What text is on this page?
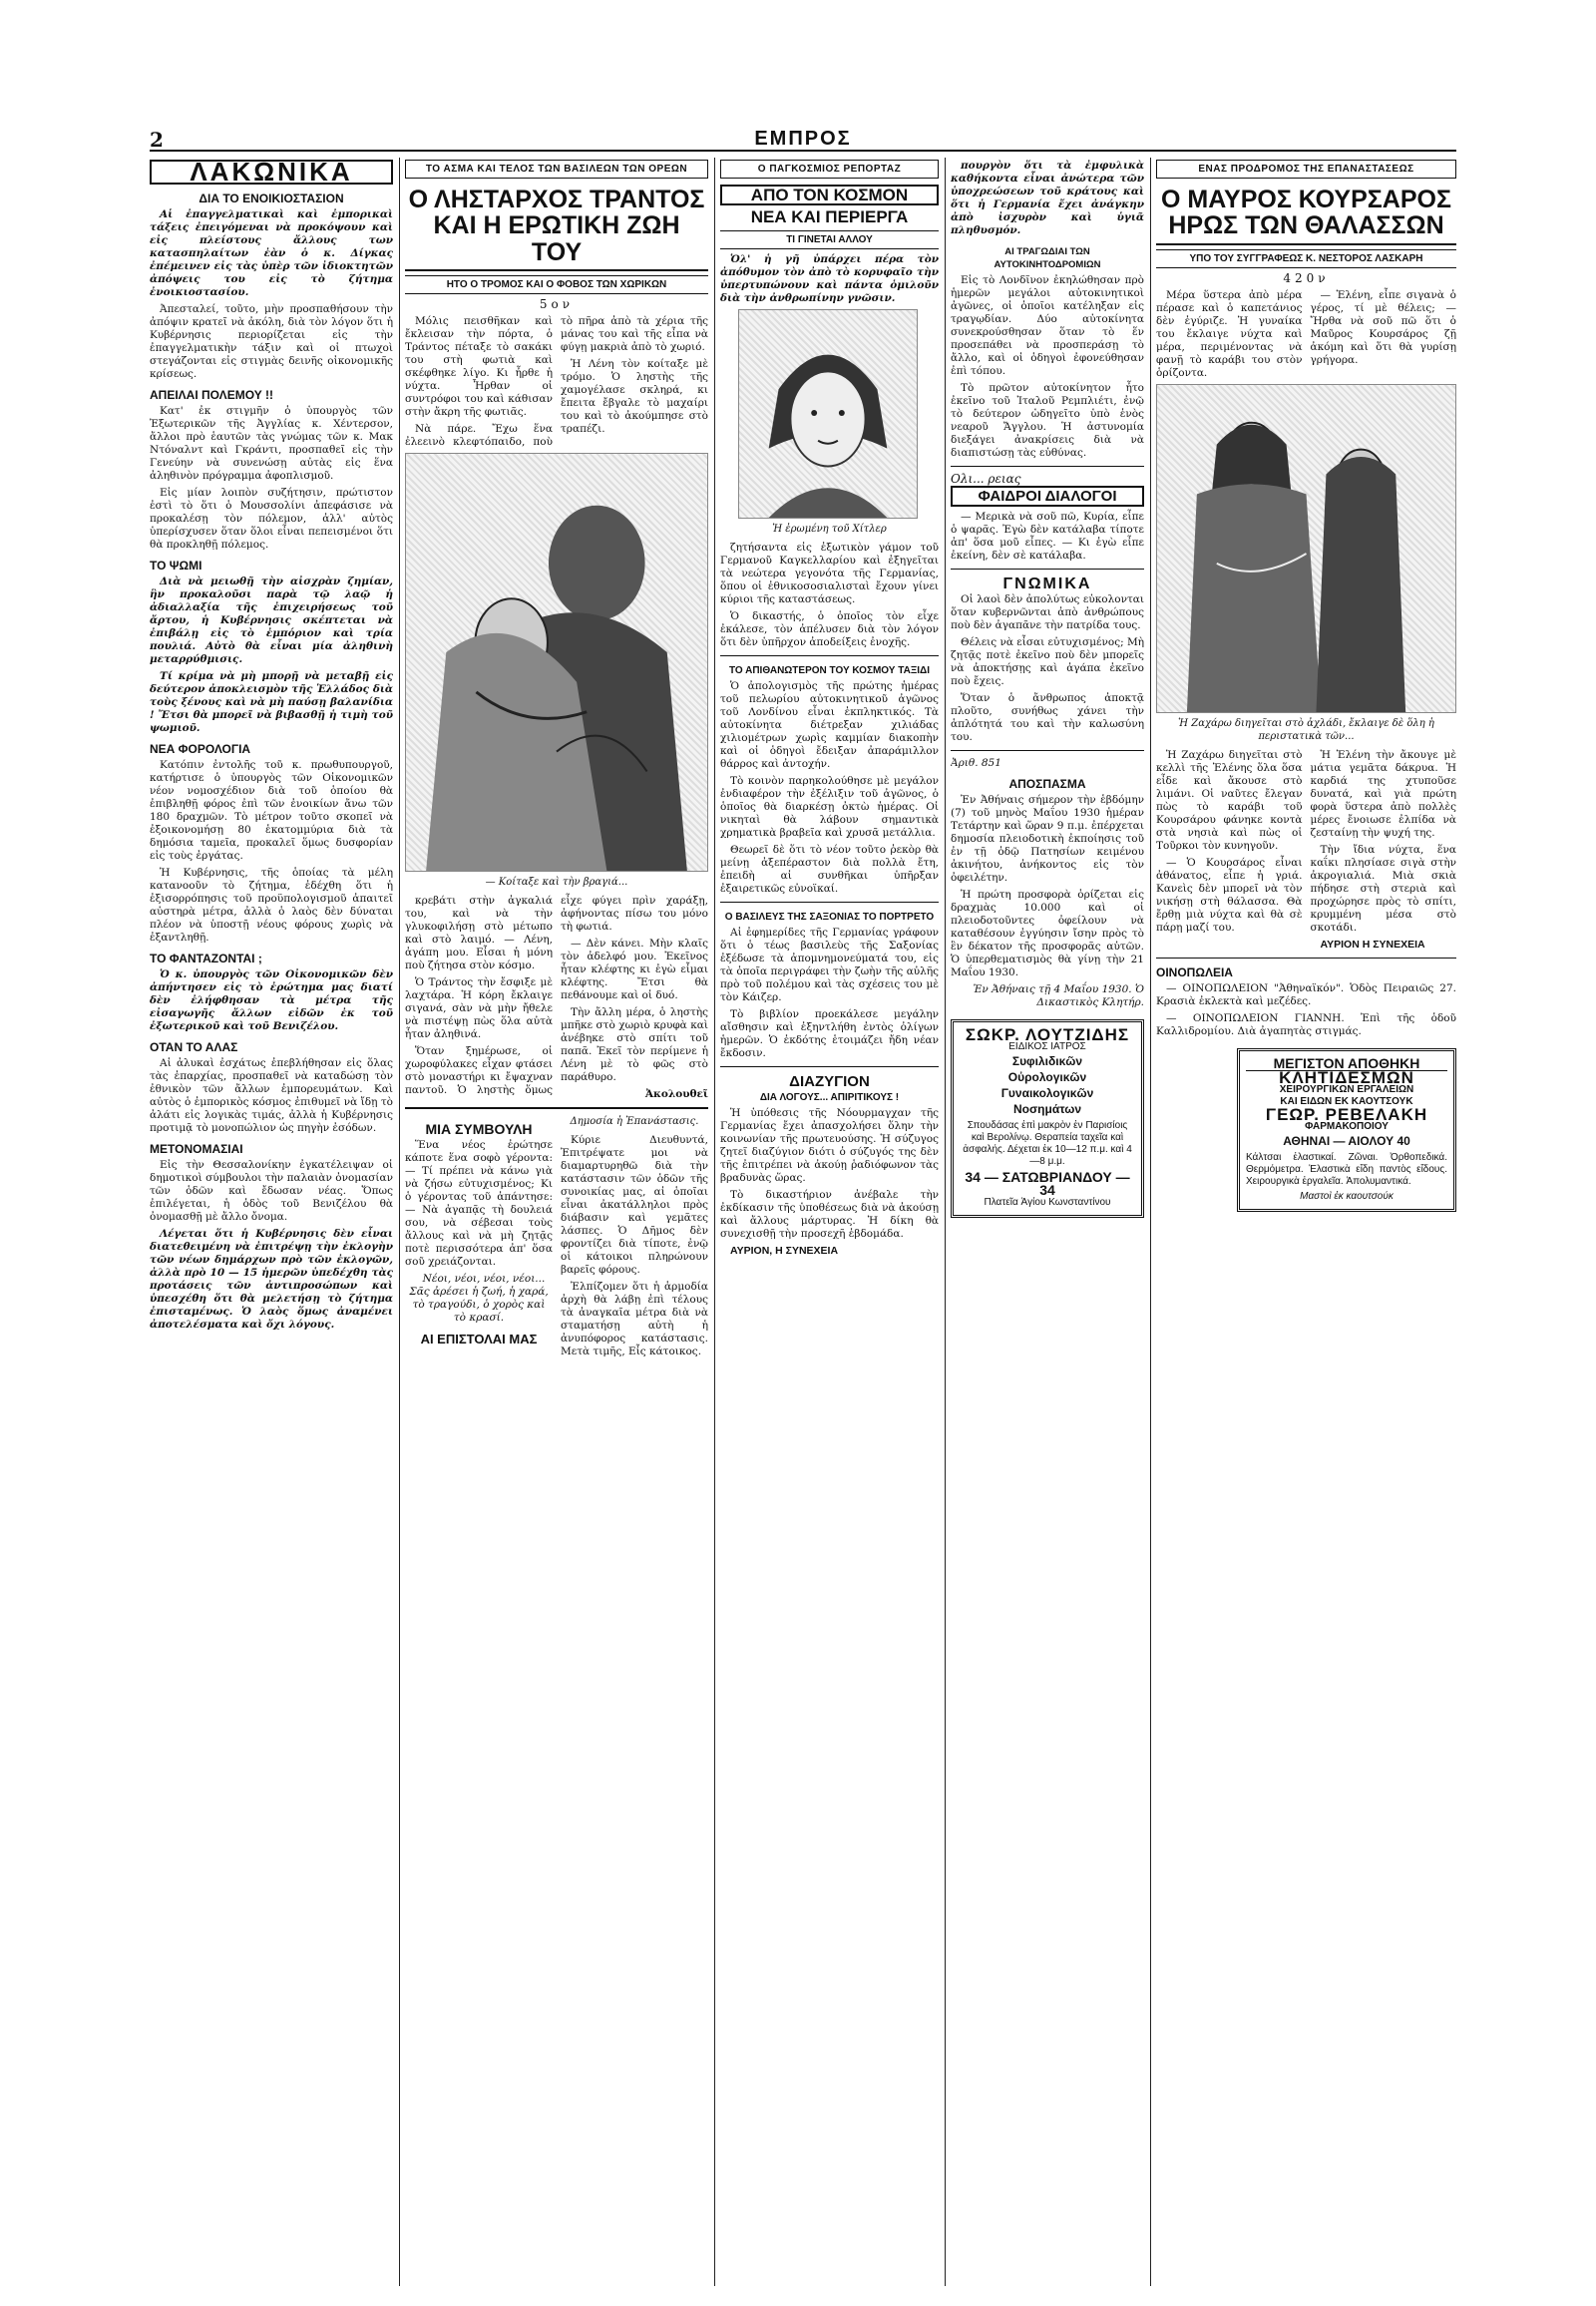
2	ΕΜΠΡΟΣ
ΛΑΚΩΝΙΚΑ
ΔΙΑ ΤΟ ΕΝΟΙΚΙΟΣΤΑΣΙΟΝ

Αἱ ἐπαγγελματικαὶ καὶ ἐμπορικαὶ τάξεις ἐπειγόμεναι νὰ προκόψουν καὶ εἰς πλείστους ἄλλους των κατασπηλαίτων ἐὰν ὁ κ. Δίγκας ἐπέμεινεν εἰς τὰς ὑπὲρ τῶν ἰδιοκτητῶν ἀπόψεις του εἰς τὸ ζήτημα ἐνοικιοστασίου.

Ἀπεσταλεί, τοῦτο, μὴν προσπαθήσουν τὴν ἀπόψιν κρατεῖ νὰ ἀκόλη, διὰ τὸν λόγον ὅτι ἡ Κυβέρνησις περιορίζεται εἰς τὴν ἐπαγγελματικὴν τάξιν καὶ οἱ πτωχοὶ στεγάζονται εἰς στιγμὰς δεινῆς οἰκονομικῆς κρίσεως.

ΑΠΕΙΛΑΙ ΠΟΛΕΜΟΥ !!

Κατ' ἐκ στιγμῆν ὁ ὑπουργὸς τῶν Ἐξωτερικῶν τῆς Ἀγγλίας κ. Χέντερσον, ἄλλοι πρὸ ἑαυτῶν τὰς γνώμας τῶν κ. Μακ Ντόναλντ καὶ Γκράντι, προσπαθεῖ εἰς τὴν Γενεύην νὰ συνενώσῃ αὐτὰς εἰς ἕνα ἀληθινὸν πρόγραμμα ἀφοπλισμοῦ.

Εἰς μίαν λοιπὸν συζήτησιν, πρώτιστον ἐστὶ τὸ ὅτι ὁ Μουσσολίνι ἀπεφάσισε νὰ προκαλέσῃ τὸν πόλεμον, ἀλλ' αὐτὸς ὑπερίσχυσεν ὅταν ὅλοι εἶναι πεπεισμένοι ὅτι θὰ προκληθῇ πόλεμος.

ΤΟ ΨΩΜΙ

Διὰ νὰ μειωθῇ τὴν αἰσχρὰν ζημίαν, ἣν προκαλοῦσι παρὰ τῷ λαῷ ἡ ἀδιαλλαξία τῆς ἐπιχειρήσεως τοῦ ἄρτου, ἡ Κυβέρνησις σκέπτεται νὰ ἐπιβάλῃ εἰς τὸ ἐμπόριον καὶ τρία πουλιά. Αὐτὸ θὰ εἶναι μία ἀληθινὴ μεταρρύθμισις.

Τί κρίμα νὰ μὴ μπορῇ νὰ μεταβῇ εἰς δεύτερον ἀποκλεισμὸν τῆς Ἑλλάδος διὰ τοὺς ξένους καὶ νὰ μὴ παύσῃ βαλανίδια ! Ἔτσι θὰ μπορεῖ νὰ βιβασθῇ ἡ τιμὴ τοῦ ψωμιοῦ.

ΝΕΑ ΦΟΡΟΛΟΓΙΑ

Κατόπιν ἐντολῆς τοῦ κ. πρωθυπουργοῦ, κατήρτισε ὁ ὑπουργὸς τῶν Οἰκονομικῶν νέον νομοσχέδιον διὰ τοῦ ὁποίου θὰ ἐπιβληθῇ φόρος ἐπὶ τῶν ἐνοικίων ἄνω τῶν 180 δραχμῶν. Τὸ μέτρον τοῦτο σκοπεῖ νὰ ἐξοικονομήσῃ 80 ἑκατομμύρια διὰ τὰ δημόσια ταμεῖα, προκαλεῖ ὅμως δυσφορίαν εἰς τοὺς ἐργάτας.

Ἡ Κυβέρνησις, τῆς ὁποίας τὰ μέλη κατανοοῦν τὸ ζήτημα, ἐδέχθη ὅτι ἡ ἐξισορρόπησις τοῦ προϋπολογισμοῦ ἀπαιτεῖ αὐστηρὰ μέτρα, ἀλλὰ ὁ λαὸς δὲν δύναται πλέον νὰ ὑποστῇ νέους φόρους χωρὶς νὰ ἐξαντληθῇ.

ΤΟ ΦΑΝΤΑΖΟΝΤΑΙ ;

Ὁ κ. ὑπουργὸς τῶν Οἰκονομικῶν δὲν ἀπήντησεν εἰς τὸ ἐρώτημα μας διατί δὲν ἐλήφθησαν τὰ μέτρα τῆς εἰσαγωγῆς ἄλλων εἰδῶν ἐκ τοῦ ἐξωτερικοῦ καὶ τοῦ Βενιζέλου.

ΟΤΑΝ ΤΟ ΑΛΑΣ

Αἱ ἀλυκαὶ ἐσχάτως ἐπεβλήθησαν εἰς ὅλας τὰς ἐπαρχίας, προσπαθεῖ νὰ καταδώσῃ τὸν ἐθνικὸν τῶν ἄλλων ἐμπορευμάτων. Καὶ αὐτὸς ὁ ἐμπορικὸς κόσμος ἐπιθυμεῖ νὰ ἴδῃ τὸ ἀλάτι εἰς λογικὰς τιμάς, ἀλλὰ ἡ Κυβέρνησις προτιμᾷ τὸ μονοπώλιον ὡς πηγὴν ἐσόδων.

ΜΕΤΟΝΟΜΑΣΙΑΙ

Εἰς τὴν Θεσσαλονίκην ἐγκατέλειψαν οἱ δημοτικοὶ σύμβουλοι τὴν παλαιὰν ὀνομασίαν τῶν ὁδῶν καὶ ἔδωσαν νέας. Ὅπως ἐπιλέγεται, ἡ ὁδὸς τοῦ Βενιζέλου θὰ ὀνομασθῇ μὲ ἄλλο ὄνομα.

Λέγεται ὅτι ἡ Κυβέρνησις δὲν εἶναι διατεθειμένη νὰ ἐπιτρέψῃ τὴν ἐκλογὴν τῶν νέων δημάρχων πρὸ τῶν ἐκλογῶν, ἀλλὰ πρὸ 10 — 15 ἡμερῶν ὑπεδέχθη τὰς προτάσεις τῶν ἀντιπροσώπων καὶ ὑπεσχέθη ὅτι θὰ μελετήσῃ τὸ ζήτημα ἐπισταμένως. Ὁ λαὸς ὅμως ἀναμένει ἀποτελέσματα καὶ ὄχι λόγους.

ΤΟ ΑΣΜΑ ΚΑΙ ΤΕΛΟΣ ΤΩΝ ΒΑΣΙΛΕΩΝ ΤΩΝ ΟΡΕΩΝ
Ο ΛΗΣΤΑΡΧΟΣ ΤΡΑΝΤΟΣ
ΚΑΙ Η ΕΡΩΤΙΚΗ ΖΩΗ ΤΟΥ
ΗΤΟ Ο ΤΡΟΜΟΣ ΚΑΙ Ο ΦΟΒΟΣ ΤΩΝ ΧΩΡΙΚΩΝ
5ον

Μόλις πεισθῆκαν καὶ ἔκλεισαν τὴν πόρτα, ὁ Τράντος πέταξε τὸ σακάκι του στὴ φωτιὰ καὶ σκέφθηκε λίγο. Κι ἦρθε ἡ νύχτα. Ἦρθαν οἱ συντρόφοι του καὶ κάθισαν στὴν ἄκρη τῆς φωτιᾶς.

Νὰ πάρε. Ἔχω ἕνα ἐλεεινὸ κλεφτόπαιδο, ποὺ τὸ πῆρα ἀπὸ τὰ χέρια τῆς μάνας του καὶ τῆς εἶπα νὰ φύγῃ μακριὰ ἀπὸ τὸ χωριό.

Ἡ Λένη τὸν κοίταξε μὲ τρόμο. Ὁ ληστὴς τῆς χαμογέλασε σκληρά, κι ἔπειτα ἔβγαλε τὸ μαχαίρι του καὶ τὸ ἀκούμπησε στὸ τραπέζι.

— Κοίταξε καὶ τὴν βραγιά...

κρεβάτι στὴν ἀγκαλιά του, καὶ νὰ τὴν γλυκοφιλήσῃ στὸ μέτωπο καὶ στὸ λαιμό. — Λένη, ἀγάπη μου. Εἶσαι ἡ μόνη ποὺ ζήτησα στὸν κόσμο.

Ὁ Τράντος τὴν ἔσφιξε μὲ λαχτάρα. Ἡ κόρη ἔκλαιγε σιγανά, σὰν νὰ μὴν ἤθελε νὰ πιστέψῃ πὼς ὅλα αὐτὰ ἦταν ἀληθινά.

Ὅταν ξημέρωσε, οἱ χωροφύλακες εἶχαν φτάσει στὸ μοναστήρι κι ἔψαχναν παντοῦ. Ὁ ληστὴς ὅμως εἶχε φύγει πρὶν χαράξῃ, ἀφήνοντας πίσω του μόνο τὴ φωτιά.

— Δὲν κάνει. Μὴν κλαῖς τὸν ἀδελφό μου. Ἐκεῖνος ἦταν κλέφτης κι ἐγὼ εἶμαι κλέφτης. Ἔτσι θὰ πεθάνουμε καὶ οἱ δυό.

Τὴν ἄλλη μέρα, ὁ ληστὴς μπῆκε στὸ χωριὸ κρυφὰ καὶ ἀνέβηκε στὸ σπίτι τοῦ παπᾶ. Ἐκεῖ τὸν περίμενε ἡ Λένη μὲ τὸ φῶς στὸ παράθυρο.

Ἀκολουθεῖ

ΜΙΑ ΣΥΜΒΟΥΛΗ

Ἕνα νέος ἐρώτησε κάποτε ἕνα σοφὸ γέροντα: — Τί πρέπει νὰ κάνω γιὰ νὰ ζήσω εὐτυχισμένος; Κι ὁ γέροντας τοῦ ἀπάντησε: — Νὰ ἀγαπᾷς τὴ δουλειά σου, νὰ σέβεσαι τοὺς ἄλλους καὶ νὰ μὴ ζητᾷς ποτὲ περισσότερα ἀπ' ὅσα σοῦ χρειάζονται.

Νέοι, νέοι, νέοι, νέοι... Σᾶς ἀρέσει ἡ ζωή, ἡ χαρά, τὸ τραγούδι, ὁ χορὸς καὶ τὸ κρασί.

ΑΙ ΕΠΙΣΤΟΛΑΙ ΜΑΣ
Δημοσία ἡ Ἐπανάστασις.

Κύριε Διευθυντά, Ἐπιτρέψατε μοι νὰ διαμαρτυρηθῶ διὰ τὴν κατάστασιν τῶν ὁδῶν τῆς συνοικίας μας, αἱ ὁποῖαι εἶναι ἀκατάλληλοι πρὸς διάβασιν καὶ γεμᾶτες λάσπες. Ὁ Δῆμος δὲν φροντίζει διὰ τίποτε, ἐνῷ οἱ κάτοικοι πληρώνουν βαρεῖς φόρους.

Ἐλπίζομεν ὅτι ἡ ἁρμοδία ἀρχὴ θὰ λάβῃ ἐπὶ τέλους τὰ ἀναγκαῖα μέτρα διὰ νὰ σταματήσῃ αὐτὴ ἡ ἀνυπόφορος κατάστασις. Μετὰ τιμῆς, Εἷς κάτοικος.

Ο ΠΑΓΚΟΣΜΙΟΣ ΡΕΠΟΡΤΑΖ
ΑΠΟ ΤΟΝ ΚΟΣΜΟΝ
ΝΕΑ ΚΑΙ ΠΕΡΙΕΡΓΑ
ΤΙ ΓΙΝΕΤΑΙ ΑΛΛΟΥ

Ὁλ' ἡ γῆ ὑπάρχει πέρα τὸν ἀπόθυμον τὸν ἀπὸ τὸ κορυφαῖο τὴν ὑπερτυπώνουν καὶ πάντα ὁμιλοῦν διὰ τὴν ἀνθρωπίνην γνῶσιν.

Ἡ ἐρωμένη τοῦ Χίτλερ

ζητήσαντα εἰς ἐξωτικὸν γάμον τοῦ Γερμανοῦ Καγκελλαρίου καὶ ἐξηγεῖται τὰ νεώτερα γεγονότα τῆς Γερμανίας, ὅπου οἱ ἐθνικοσοσιαλισταὶ ἔχουν γίνει κύριοι τῆς καταστάσεως.

Ὁ δικαστής, ὁ ὁποῖος τὸν εἶχε ἐκάλεσε, τὸν ἀπέλυσεν διὰ τὸν λόγον ὅτι δὲν ὑπῆρχον ἀποδείξεις ἐνοχῆς.

ΤΟ ΑΠΙΘΑΝΩΤΕΡΟΝ ΤΟΥ ΚΟΣΜΟΥ ΤΑΞΙΔΙ

Ὁ ἀπολογισμὸς τῆς πρώτης ἡμέρας τοῦ πελωρίου αὐτοκινητικοῦ ἀγῶνος τοῦ Λονδίνου εἶναι ἐκπληκτικός. Τὰ αὐτοκίνητα διέτρεξαν χιλιάδας χιλιομέτρων χωρὶς καμμίαν διακοπὴν καὶ οἱ ὁδηγοὶ ἔδειξαν ἀπαράμιλλον θάρρος καὶ ἀντοχήν.

Τὸ κοινὸν παρηκολούθησε μὲ μεγάλον ἐνδιαφέρον τὴν ἐξέλιξιν τοῦ ἀγῶνος, ὁ ὁποῖος θὰ διαρκέσῃ ὀκτὼ ἡμέρας. Οἱ νικηταὶ θὰ λάβουν σημαντικὰ χρηματικὰ βραβεῖα καὶ χρυσᾶ μετάλλια.

Θεωρεῖ δὲ ὅτι τὸ νέον τοῦτο ῥεκὸρ θὰ μείνῃ ἀξεπέραστον διὰ πολλὰ ἔτη, ἐπειδὴ αἱ συνθῆκαι ὑπῆρξαν ἐξαιρετικῶς εὐνοϊκαί.

Ο ΒΑΣΙΛΕΥΣ ΤΗΣ ΣΑΞΟΝΙΑΣ ΤΟ ΠΟΡΤΡΕΤΟ

Αἱ ἐφημερίδες τῆς Γερμανίας γράφουν ὅτι ὁ τέως βασιλεὺς τῆς Σαξονίας ἐξέδωσε τὰ ἀπομνημονεύματά του, εἰς τὰ ὁποῖα περιγράφει τὴν ζωὴν τῆς αὐλῆς πρὸ τοῦ πολέμου καὶ τὰς σχέσεις του μὲ τὸν Κάιζερ.

Τὸ βιβλίον προεκάλεσε μεγάλην αἴσθησιν καὶ ἐξηντλήθη ἐντὸς ὀλίγων ἡμερῶν. Ὁ ἐκδότης ἑτοιμάζει ἤδη νέαν ἔκδοσιν.

ΔΙΑΖΥΓΙΟΝ
ΔΙΑ ΛΟΓΟΥΣ... ΑΠΙΡΙΤΙΚΟΥΣ !

Ἡ ὑπόθεσις τῆς Νόουρμαγχαν τῆς Γερμανίας ἔχει ἀπασχολήσει ὅλην τὴν κοινωνίαν τῆς πρωτευούσης. Ἡ σύζυγος ζητεῖ διαζύγιον διότι ὁ σύζυγός της δὲν τῆς ἐπιτρέπει νὰ ἀκούῃ ῥαδιόφωνον τὰς βραδυνὰς ὥρας.

Τὸ δικαστήριον ἀνέβαλε τὴν ἐκδίκασιν τῆς ὑποθέσεως διὰ νὰ ἀκούσῃ καὶ ἄλλους μάρτυρας. Ἡ δίκη θὰ συνεχισθῇ τὴν προσεχῆ ἑβδομάδα.

ΑΥΡΙΟΝ, Η ΣΥΝΕΧΕΙΑ

πουργὸν ὅτι τὰ ἐμφυλικὰ καθήκοντα εἶναι ἀνώτερα τῶν ὑποχρεώσεων τοῦ κράτους καὶ ὅτι ἡ Γερμανία ἔχει ἀνάγκην ἀπὸ ἰσχυρὸν καὶ ὑγιᾶ πληθυσμόν.

ΑΙ ΤΡΑΓΩΔΙΑΙ ΤΩΝ ΑΥΤΟΚΙΝΗΤΟΔΡΟΜΙΩΝ

Εἰς τὸ Λονδῖνον ἐκηλώθησαν πρὸ ἡμερῶν μεγάλοι αὐτοκινητικοὶ ἀγῶνες, οἱ ὁποῖοι κατέληξαν εἰς τραγῳδίαν. Δύο αὐτοκίνητα συνεκρούσθησαν ὅταν τὸ ἕν προσεπάθει νὰ προσπεράσῃ τὸ ἄλλο, καὶ οἱ ὁδηγοὶ ἐφονεύθησαν ἐπὶ τόπου.

Τὸ πρῶτον αὐτοκίνητον ἦτο ἐκεῖνο τοῦ Ἰταλοῦ Ρεμπλιέτι, ἐνῷ τὸ δεύτερον ὡδηγεῖτο ὑπὸ ἑνὸς νεαροῦ Ἄγγλου. Ἡ ἀστυνομία διεξάγει ἀνακρίσεις διὰ νὰ διαπιστώσῃ τὰς εὐθύνας.

Ολι... ρειας
ΦΑΙΔΡΟΙ ΔΙΑΛΟΓΟΙ

— Μερικὰ νὰ σοῦ πῶ, Κυρία, εἶπε ὁ ψαρᾶς. Ἐγὼ δὲν κατάλαβα τίποτε ἀπ' ὅσα μοῦ εἶπες. — Κι ἐγὼ εἶπε ἐκείνη, δὲν σὲ κατάλαβα.

ΓΝΩΜΙΚΑ

Οἱ λαοὶ δὲν ἀπολύτως εὐκολονται ὅταν κυβερνῶνται ἀπὸ ἀνθρώπους ποὺ δὲν ἀγαπᾶνε τὴν πατρίδα τους.

Θέλεις νὰ εἶσαι εὐτυχισμένος; Μὴ ζητᾷς ποτὲ ἐκεῖνο ποὺ δὲν μπορεῖς νὰ ἀποκτήσῃς καὶ ἀγάπα ἐκεῖνο ποὺ ἔχεις.

Ὅταν ὁ ἄνθρωπος ἀποκτᾷ πλοῦτο, συνήθως χάνει τὴν ἁπλότητά του καὶ τὴν καλωσύνη του.

Ἀριθ. 851
ΑΠΟΣΠΑΣΜΑ

Ἐν Ἀθήναις σήμερον τὴν ἑβδόμην (7) τοῦ μηνὸς Μαΐου 1930 ἡμέραν Τετάρτην καὶ ὥραν 9 π.μ. ἐπέρχεται δημοσία πλειοδοτικὴ ἐκποίησις τοῦ ἐν τῇ ὁδῷ Πατησίων κειμένου ἀκινήτου, ἀνήκοντος εἰς τὸν ὀφειλέτην.

Ἡ πρώτη προσφορὰ ὁρίζεται εἰς δραχμὰς 10.000 καὶ οἱ πλειοδοτοῦντες ὀφείλουν νὰ καταθέσουν ἐγγύησιν ἴσην πρὸς τὸ ἓν δέκατον τῆς προσφορᾶς αὐτῶν. Ὁ ὑπερθεματισμὸς θὰ γίνῃ τὴν 21 Μαΐου 1930.

Ἐν Ἀθήναις τῇ 4 Μαΐου 1930. Ὁ Δικαστικὸς Κλητήρ.

ΣΩΚΡ. ΛΟΥΤΖΙΔΗΣ
ΕΙΔΙΚΟΣ ΙΑΤΡΟΣ
Συφιλιδικῶν
Οὐρολογικῶν
Γυναικολογικῶν
Νοσημάτων
Σπουδάσας ἐπὶ μακρὸν ἐν Παρισίοις καὶ Βερολίνῳ. Θεραπεία ταχεῖα καὶ ἀσφαλής. Δέχεται ἐκ 10—12 π.μ. καὶ 4—8 μ.μ.
34 — ΣΑΤΩΒΡΙΑΝΔΟΥ — 34
Πλατεῖα Ἁγίου Κωνσταντίνου
ΕΝΑΣ ΠΡΟΔΡΟΜΟΣ ΤΗΣ ΕΠΑΝΑΣΤΑΣΕΩΣ
Ο ΜΑΥΡΟΣ ΚΟΥΡΣΑΡΟΣ
ΗΡΩΣ ΤΩΝ ΘΑΛΑΣΣΩΝ
ΥΠΟ ΤΟΥ ΣΥΓΓΡΑΦΕΩΣ Κ. ΝΕΣΤΟΡΟΣ ΛΑΣΚΑΡΗ
420ν

Μέρα ὕστερα ἀπὸ μέρα πέρασε καὶ ὁ καπετάνιος δὲν ἐγύριζε. Ἡ γυναίκα του ἔκλαιγε νύχτα καὶ μέρα, περιμένοντας νὰ φανῇ τὸ καράβι του στὸν ὁρίζοντα.

— Ἑλένη, εἶπε σιγανὰ ὁ γέρος, τί μὲ θέλεις; — Ἤρθα νὰ σοῦ πῶ ὅτι ὁ Μαῦρος Κουρσάρος ζῇ ἀκόμη καὶ ὅτι θὰ γυρίσῃ γρήγορα.

Ἡ Ζαχάρω διηγεῖται στὸ ἀχλάδι, ἔκλαιγε δὲ ὅλη ἡ περιστατικὰ τῶν...

Ἡ Ζαχάρω διηγεῖται στὸ κελλὶ τῆς Ἑλένης ὅλα ὅσα εἶδε καὶ ἄκουσε στὸ λιμάνι. Οἱ ναῦτες ἔλεγαν πὼς τὸ καράβι τοῦ Κουρσάρου φάνηκε κοντὰ στὰ νησιὰ καὶ πὼς οἱ Τοῦρκοι τὸν κυνηγοῦν.

— Ὁ Κουρσάρος εἶναι ἀθάνατος, εἶπε ἡ γριά. Κανεὶς δὲν μπορεῖ νὰ τὸν νικήσῃ στὴ θάλασσα. Θὰ ἔρθῃ μιὰ νύχτα καὶ θὰ σὲ πάρῃ μαζί του.

Ἡ Ἑλένη τὴν ἄκουγε μὲ μάτια γεμᾶτα δάκρυα. Ἡ καρδιά της χτυποῦσε δυνατά, καὶ γιὰ πρώτη φορὰ ὕστερα ἀπὸ πολλὲς μέρες ἔνοιωσε ἐλπίδα νὰ ζεσταίνῃ τὴν ψυχή της.

Τὴν ἴδια νύχτα, ἕνα καΐκι πλησίασε σιγὰ στὴν ἀκρογιαλιά. Μιὰ σκιὰ πήδησε στὴ στεριὰ καὶ προχώρησε πρὸς τὸ σπίτι, κρυμμένη μέσα στὸ σκοτάδι.

ΑΥΡΙΟΝ Η ΣΥΝΕΧΕΙΑ

ΟΙΝΟΠΩΛΕΙΑ

— ΟΙΝΟΠΩΛΕΙΟΝ "Ἀθηναϊκόν". Ὁδὸς Πειραιῶς 27. Κρασιὰ ἐκλεκτὰ καὶ μεζέδες.

— ΟΙΝΟΠΩΛΕΙΟΝ ΓΙΑΝΝΗ. Ἐπὶ τῆς ὁδοῦ Καλλιδρομίου. Διὰ ἀγαπητὰς στιγμάς.

ΜΕΓΙΣΤΟΝ ΑΠΟΘΗΚΗ
ΚΛΗΤΙΔΕΣΜΩΝ
ΧΕΙΡΟΥΡΓΙΚΩΝ ΕΡΓΑΛΕΙΩΝ
ΚΑΙ ΕΙΔΩΝ ΕΚ ΚΑΟΥΤΣΟΥΚ
ΓΕΩΡ. ΡΕΒΕΛΑΚΗ
ΦΑΡΜΑΚΟΠΟΙΟΥ
ΑΘΗΝΑΙ — ΑΙΟΛΟΥ 40
Κάλτσαι ἐλαστικαί. Ζῶναι. Ὀρθοπεδικά. Θερμόμετρα. Ἑλαστικὰ εἴδη παντὸς εἴδους. Χειρουργικὰ ἐργαλεῖα. Ἀπολυμαντικά.
Μαστοὶ ἐκ καουτσούκ
